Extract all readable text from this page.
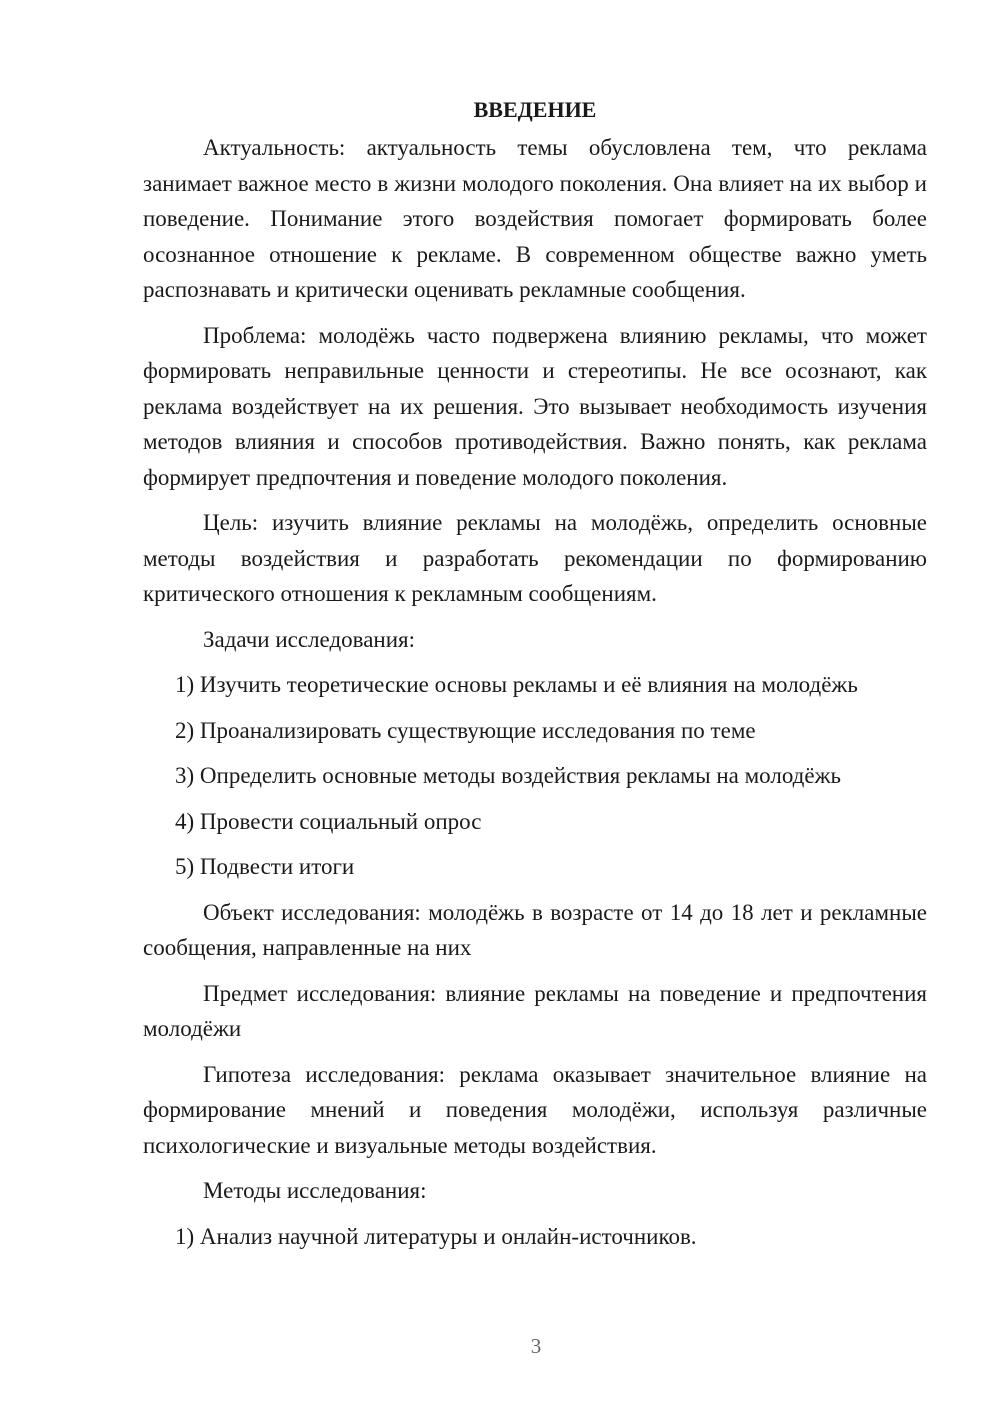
ВВЕДЕНИЕ

Актуальность: актуальность темы обусловлена тем, что реклама занимает важное место в жизни молодого поколения. Она влияет на их выбор и поведение. Понимание этого воздействия помогает формировать более осознанное отношение к рекламе. В современном обществе важно уметь распознавать и критически оценивать рекламные сообщения.

Проблема: молодёжь часто подвержена влиянию рекламы, что может формировать неправильные ценности и стереотипы. Не все осознают, как реклама воздействует на их решения. Это вызывает необходимость изучения методов влияния и способов противодействия. Важно понять, как реклама формирует предпочтения и поведение молодого поколения.

Цель: изучить влияние рекламы на молодёжь, определить основные методы воздействия и разработать рекомендации по формированию критического отношения к рекламным сообщениям.

Задачи исследования:

1) Изучить теоретические основы рекламы и её влияния на молодёжь
2) Проанализировать существующие исследования по теме
3) Определить основные методы воздействия рекламы на молодёжь
4) Провести социальный опрос
5) Подвести итоги

Объект исследования: молодёжь в возрасте от 14 до 18 лет и рекламные сообщения, направленные на них

Предмет исследования: влияние рекламы на поведение и предпочтения молодёжи

Гипотеза исследования: реклама оказывает значительное влияние на формирование мнений и поведения молодёжи, используя различные психологические и визуальные методы воздействия.

Методы исследования:

1) Анализ научной литературы и онлайн-источников.
3
